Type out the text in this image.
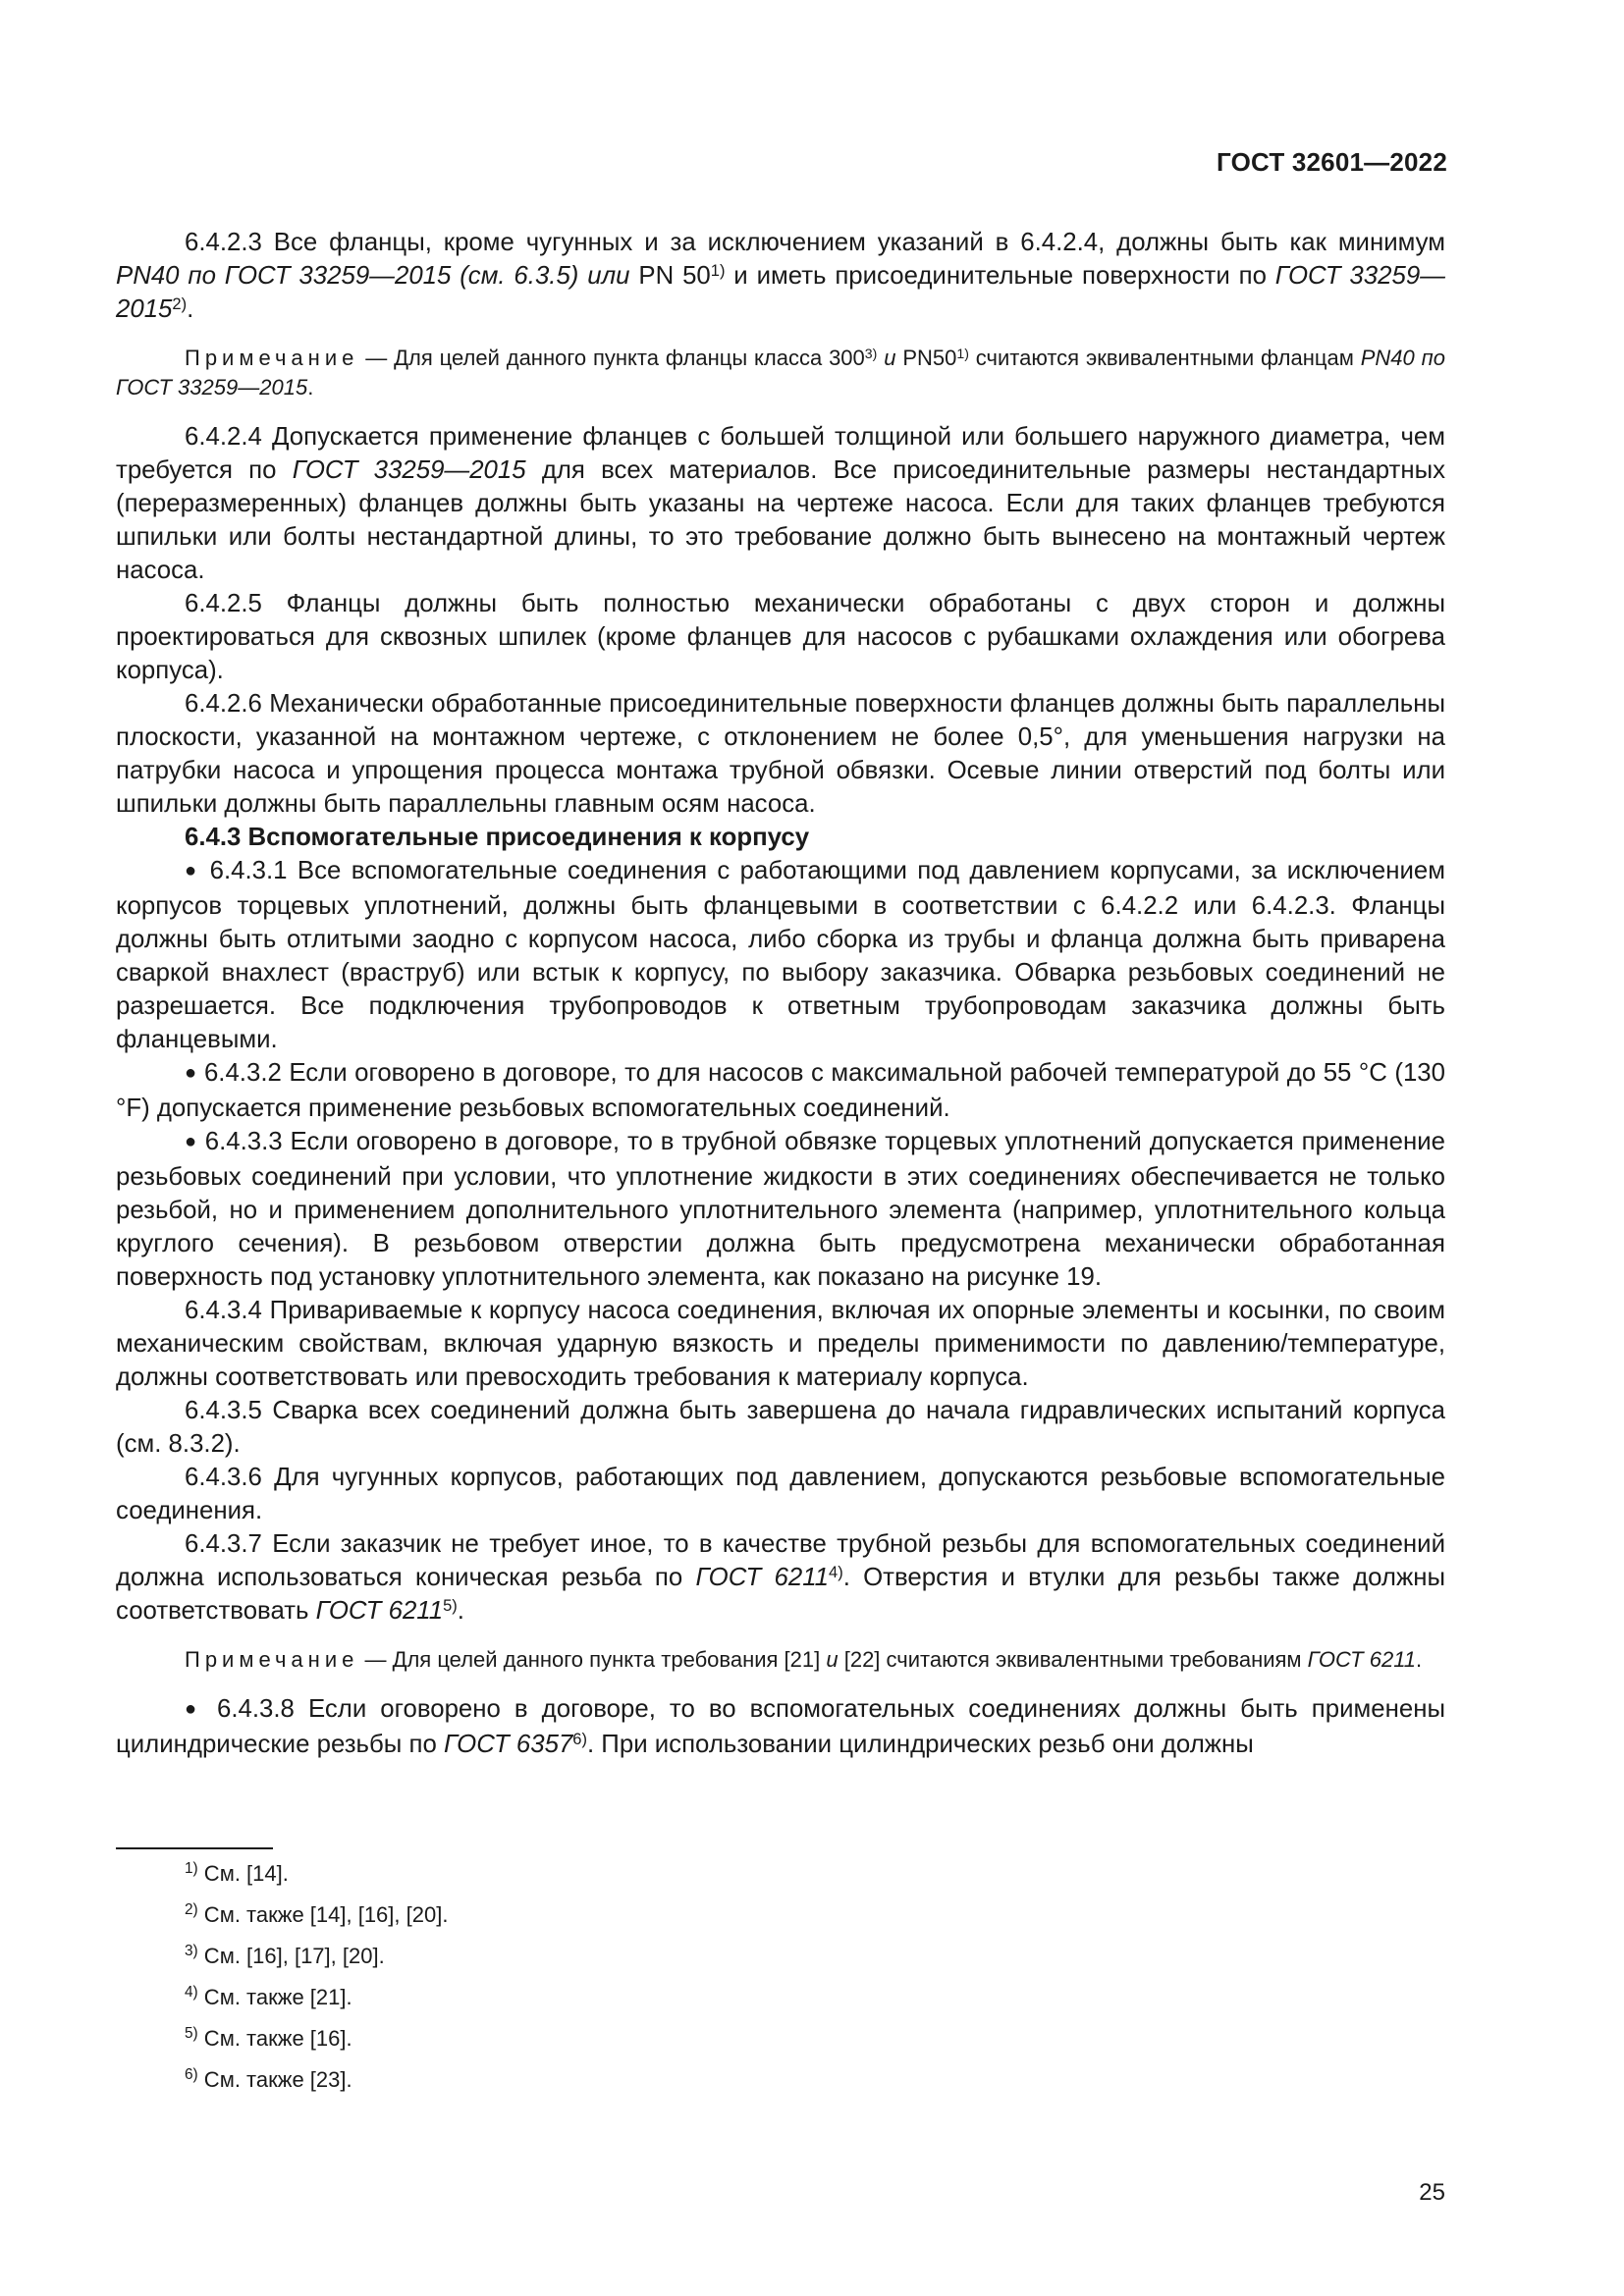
ГОСТ 32601—2022

6.4.2.3 Все фланцы, кроме чугунных и за исключением указаний в 6.4.2.4, должны быть как минимум PN40 по ГОСТ 33259—2015 (см. 6.3.5) или PN 50$^{1)}$ и иметь присоединительные поверхности по ГОСТ 33259—2015$^{2)}$.

Примечание — Для целей данного пункта фланцы класса 300$^{3)}$ и PN50$^{1)}$ считаются эквивалентными фланцам PN40 по ГОСТ 33259—2015.

6.4.2.4 Допускается применение фланцев с большей толщиной или большего наружного диаметра, чем требуется по ГОСТ 33259—2015 для всех материалов. Все присоединительные размеры нестандартных (переразмеренных) фланцев должны быть указаны на чертеже насоса. Если для таких фланцев требуются шпильки или болты нестандартной длины, то это требование должно быть вынесено на монтажный чертеж насоса.

6.4.2.5 Фланцы должны быть полностью механически обработаны с двух сторон и должны проектироваться для сквозных шпилек (кроме фланцев для насосов с рубашками охлаждения или обогрева корпуса).

6.4.2.6 Механически обработанные присоединительные поверхности фланцев должны быть параллельны плоскости, указанной на монтажном чертеже, с отклонением не более 0,5°, для уменьшения нагрузки на патрубки насоса и упрощения процесса монтажа трубной обвязки. Осевые линии отверстий под болты или шпильки должны быть параллельны главным осям насоса.

6.4.3 Вспомогательные присоединения к корпусу

● 6.4.3.1 Все вспомогательные соединения с работающими под давлением корпусами, за исключением корпусов торцевых уплотнений, должны быть фланцевыми в соответствии с 6.4.2.2 или 6.4.2.3. Фланцы должны быть отлитыми заодно с корпусом насоса, либо сборка из трубы и фланца должна быть приварена сваркой внахлест (враструб) или встык к корпусу, по выбору заказчика. Обварка резьбовых соединений не разрешается. Все подключения трубопроводов к ответным трубопроводам заказчика должны быть фланцевыми.

● 6.4.3.2 Если оговорено в договоре, то для насосов с максимальной рабочей температурой до 55 °С (130 °F) допускается применение резьбовых вспомогательных соединений.

● 6.4.3.3 Если оговорено в договоре, то в трубной обвязке торцевых уплотнений допускается применение резьбовых соединений при условии, что уплотнение жидкости в этих соединениях обеспечивается не только резьбой, но и применением дополнительного уплотнительного элемента (например, уплотнительного кольца круглого сечения). В резьбовом отверстии должна быть предусмотрена механически обработанная поверхность под установку уплотнительного элемента, как показано на рисунке 19.

6.4.3.4 Привариваемые к корпусу насоса соединения, включая их опорные элементы и косынки, по своим механическим свойствам, включая ударную вязкость и пределы применимости по давлению/температуре, должны соответствовать или превосходить требования к материалу корпуса.

6.4.3.5 Сварка всех соединений должна быть завершена до начала гидравлических испытаний корпуса (см. 8.3.2).

6.4.3.6 Для чугунных корпусов, работающих под давлением, допускаются резьбовые вспомогательные соединения.

6.4.3.7 Если заказчик не требует иное, то в качестве трубной резьбы для вспомогательных соединений должна использоваться коническая резьба по ГОСТ 6211$^{4)}$. Отверстия и втулки для резьбы также должны соответствовать ГОСТ 6211$^{5)}$.

Примечание — Для целей данного пункта требования [21] и [22] считаются эквивалентными требованиям ГОСТ 6211.

● 6.4.3.8 Если оговорено в договоре, то во вспомогательных соединениях должны быть применены цилиндрические резьбы по ГОСТ 6357$^{6)}$. При использовании цилиндрических резьб они должны

$^{1)}$ См. [14].

$^{2)}$ См. также [14], [16], [20].

$^{3)}$ См. [16], [17], [20].

$^{4)}$ См. также [21].

$^{5)}$ См. также [16].

$^{6)}$ См. также [23].

25
